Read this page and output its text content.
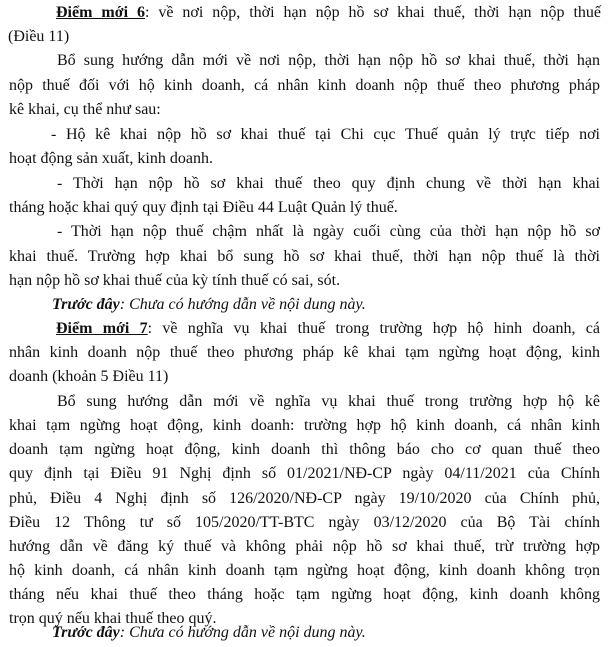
Điểm mới 6: về nơi nộp, thời hạn nộp hồ sơ khai thuế, thời hạn nộp thuế
(Điều 11)
Bổ sung hướng dẫn mới về nơi nộp, thời hạn nộp hồ sơ khai thuế, thời hạn
nộp thuế đối với hộ kinh doanh, cá nhân kinh doanh nộp thuế theo phương pháp
kê khai, cụ thể như sau:
- Hộ kê khai nộp hồ sơ khai thuế tại Chi cục Thuế quản lý trực tiếp nơi
hoạt động sản xuất, kinh doanh.
- Thời hạn nộp hồ sơ khai thuế theo quy định chung về thời hạn khai
tháng hoặc khai quý quy định tại Điều 44 Luật Quản lý thuế.
- Thời hạn nộp thuế chậm nhất là ngày cuối cùng của thời hạn nộp hồ sơ
khai thuế. Trường hợp khai bổ sung hồ sơ khai thuế, thời hạn nộp thuế là thời
hạn nộp hồ sơ khai thuế của kỳ tính thuế có sai, sót.
Trước đây: Chưa có hướng dẫn về nội dung này.
Điểm mới 7: về nghĩa vụ khai thuế trong trường hợp hộ hinh doanh, cá
nhân kinh doanh nộp thuế theo phương pháp kê khai tạm ngừng hoạt động, kinh
doanh (khoản 5 Điều 11)
Bổ sung hướng dẫn mới về nghĩa vụ khai thuế trong trường hợp hộ kê
khai tạm ngừng hoạt động, kinh doanh: trường hợp hộ kinh doanh, cá nhân kinh
doanh tạm ngừng hoạt động, kinh doanh thì thông báo cho cơ quan thuế theo
quy định tại Điều 91 Nghị định số 01/2021/NĐ-CP ngày 04/11/2021 của Chính
phủ, Điều 4 Nghị định số 126/2020/NĐ-CP ngày 19/10/2020 của Chính phủ,
Điều 12 Thông tư số 105/2020/TT-BTC ngày 03/12/2020 của Bộ Tài chính
hướng dẫn về đăng ký thuế và không phải nộp hồ sơ khai thuế, trừ trường hợp
hộ kinh doanh, cá nhân kinh doanh tạm ngừng hoạt động, kinh doanh không trọn
tháng nếu khai thuế theo tháng hoặc tạm ngừng hoạt động, kinh doanh không
trọn quý nếu khai thuế theo quý.
Trước đây: Chưa có hướng dẫn về nội dung này.
